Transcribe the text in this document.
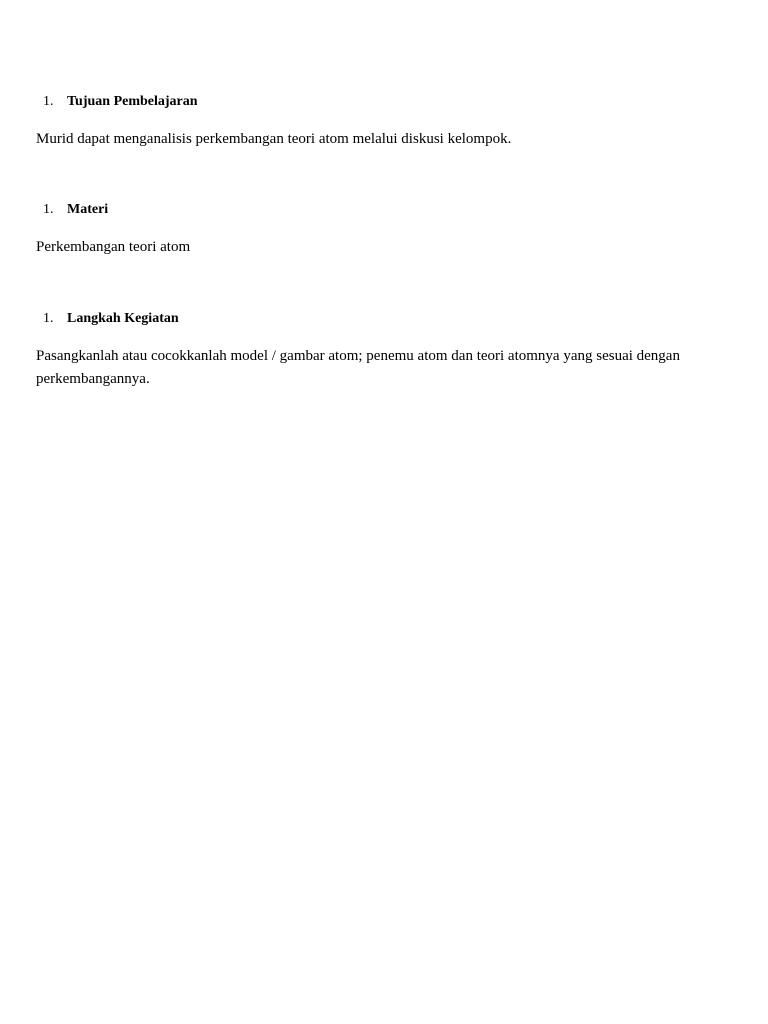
1. Tujuan Pembelajaran

Murid dapat menganalisis perkembangan teori atom melalui diskusi kelompok.

1. Materi

Perkembangan teori atom

1. Langkah Kegiatan

Pasangkanlah atau cocokkanlah model / gambar atom; penemu atom dan teori atomnya yang sesuai dengan perkembangannya.
